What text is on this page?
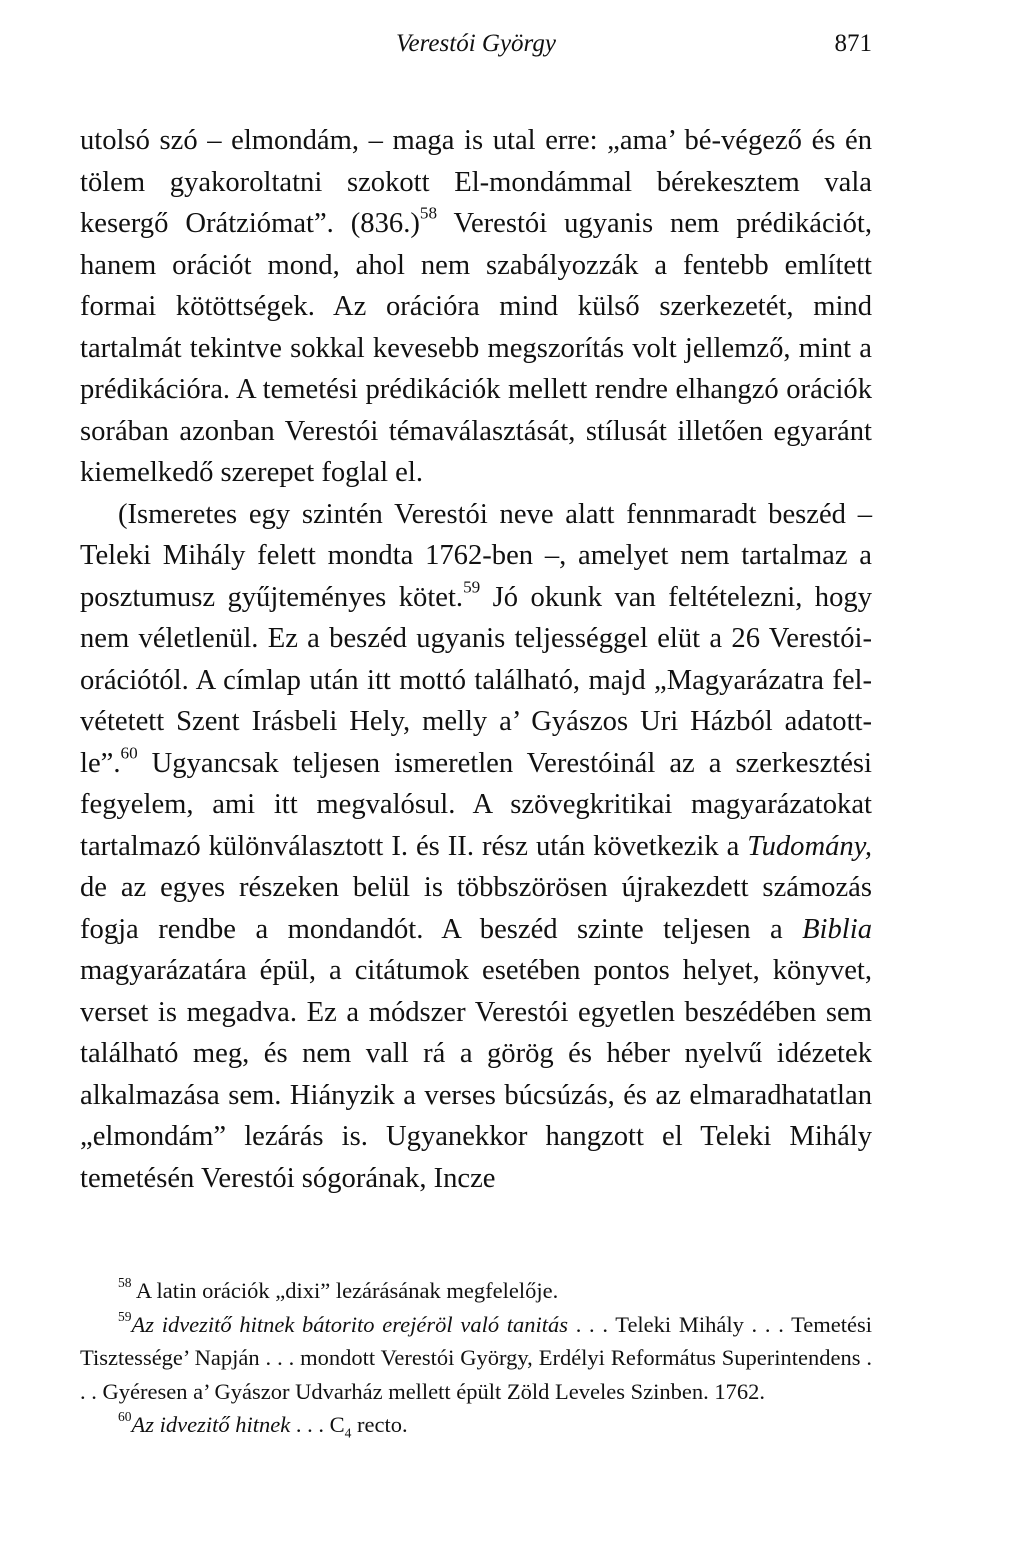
Verestói György	871

utolsó szó – elmondám, – maga is utal erre: „ama’ bé-végező és én tölem gyakoroltatni szokott El-mondámmal bérekesztem vala kesergő Orátziómat”. $(836.)^{58}$ Verestói ugyanis nem prédikációt, hanem orációt mond, ahol nem szabályozzák a fentebb említett formai kötöttségek. Az orációra mind külső szerkezetét, mind tartalmát tekintve sokkal kevesebb megszorítás volt jellemző, mint a prédikációra. A temetési prédikációk mellett rendre elhangzó orációk sorában azonban Verestói témaválasztását, stílusát illetően egyaránt kiemelkedő szerepet foglal el.

(Ismeretes egy szintén Verestói neve alatt fennmaradt beszéd – Teleki Mihály felett mondta 1762-ben –, amelyet nem tartalmaz a posztumusz gyűjteményes kötet.$^{59}$ Jó okunk van feltételezni, hogy nem véletlenül. Ez a beszéd ugyanis teljességgel elüt a 26 Verestói-orációtól. A címlap után itt mottó található, majd „Magyarázatra fel-vétetett Szent Irásbeli Hely, melly a’ Gyászos Uri Házból adatott-le”.$^{60}$ Ugyancsak teljesen ismeretlen Verestóinál az a szerkesztési fegyelem, ami itt megvalósul. A szövegkritikai magyarázatokat tartalmazó különválasztott I. és II. rész után következik a Tudomány, de az egyes részeken belül is többszörösen újrakezdett számozás fogja rendbe a mondandót. A beszéd szinte teljesen a Biblia magyarázatára épül, a citátumok esetében pontos helyet, könyvet, verset is megadva. Ez a módszer Verestói egyetlen beszédében sem található meg, és nem vall rá a görög és héber nyelvű idézetek alkalmazása sem. Hiányzik a verses búcsúzás, és az elmaradhatatlan „elmondám” lezárás is. Ugyanekkor hangzott el Teleki Mihály temetésén Verestói sógorának, Incze

$^{58}$ A latin orációk „dixi” lezárásának megfelelője.

$^{59}$Az idvezitő hitnek bátorito erejéröl való tanitás . . . Teleki Mihály . . . Temetési Tisztessége’ Napján . . . mondott Verestói György, Erdélyi Református Superintendens . . . Gyéresen a’ Gyászor Udvarház mellett épült Zöld Leveles Szinben. 1762.

$^{60}$Az idvezitő hitnek . . . $C_4$ recto.
